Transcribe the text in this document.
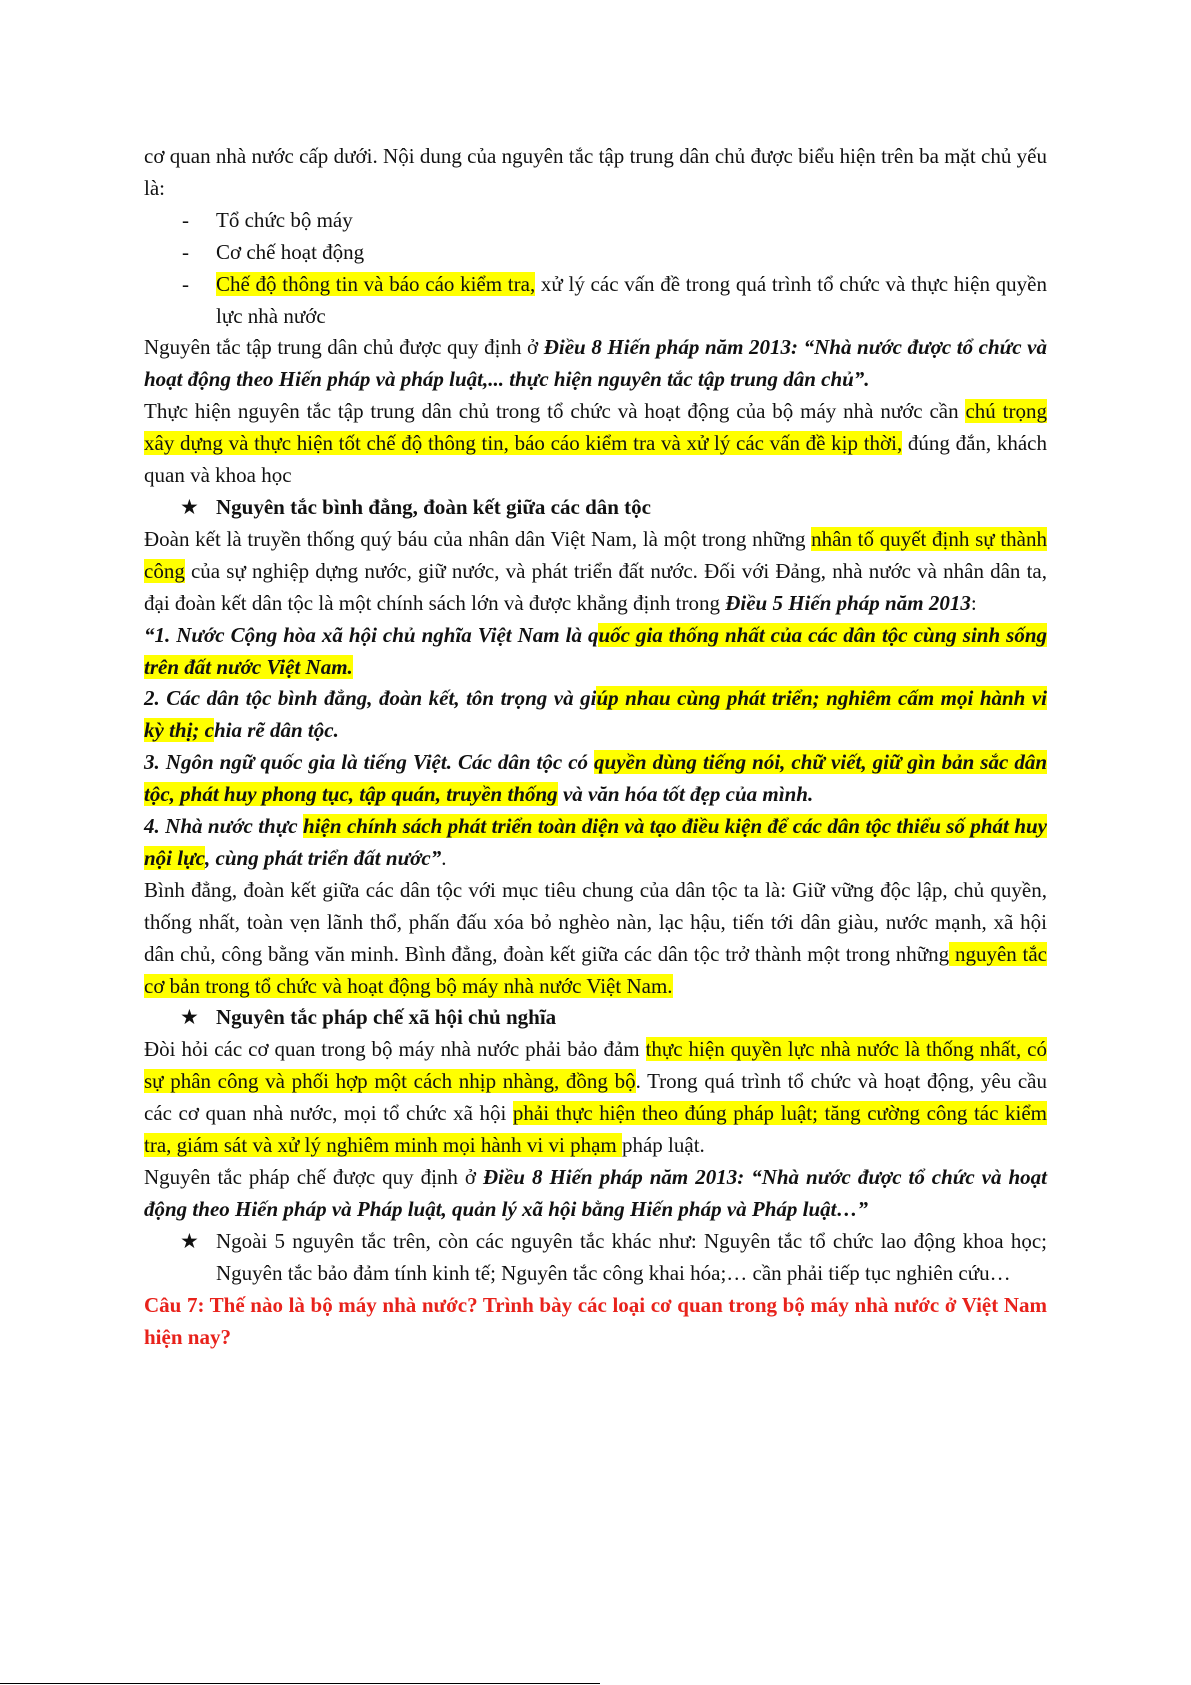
cơ quan nhà nước cấp dưới. Nội dung của nguyên tắc tập trung dân chủ được biểu hiện trên ba mặt chủ yếu là:

- Tổ chức bộ máy

- Cơ chế hoạt động

- Chế độ thông tin và báo cáo kiểm tra, xử lý các vấn đề trong quá trình tổ chức và thực hiện quyền lực nhà nước

Nguyên tắc tập trung dân chủ được quy định ở Điều 8 Hiến pháp năm 2013: “Nhà nước được tổ chức và hoạt động theo Hiến pháp và pháp luật,... thực hiện nguyên tắc tập trung dân chủ”.

Thực hiện nguyên tắc tập trung dân chủ trong tổ chức và hoạt động của bộ máy nhà nước cần chú trọng xây dựng và thực hiện tốt chế độ thông tin, báo cáo kiểm tra và xử lý các vấn đề kịp thời, đúng đắn, khách quan và khoa học

★ Nguyên tắc bình đẳng, đoàn kết giữa các dân tộc

Đoàn kết là truyền thống quý báu của nhân dân Việt Nam, là một trong những nhân tố quyết định sự thành công của sự nghiệp dựng nước, giữ nước, và phát triển đất nước. Đối với Đảng, nhà nước và nhân dân ta, đại đoàn kết dân tộc là một chính sách lớn và được khẳng định trong Điều 5 Hiến pháp năm 2013:

“1. Nước Cộng hòa xã hội chủ nghĩa Việt Nam là quốc gia thống nhất của các dân tộc cùng sinh sống trên đất nước Việt Nam.

2. Các dân tộc bình đẳng, đoàn kết, tôn trọng và giúp nhau cùng phát triển; nghiêm cấm mọi hành vi kỳ thị; chia rẽ dân tộc.

3. Ngôn ngữ quốc gia là tiếng Việt. Các dân tộc có quyền dùng tiếng nói, chữ viết, giữ gìn bản sắc dân tộc, phát huy phong tục, tập quán, truyền thống và văn hóa tốt đẹp của mình.

4. Nhà nước thực hiện chính sách phát triển toàn diện và tạo điều kiện để các dân tộc thiểu số phát huy nội lực, cùng phát triển đất nước”.

Bình đẳng, đoàn kết giữa các dân tộc với mục tiêu chung của dân tộc ta là: Giữ vững độc lập, chủ quyền, thống nhất, toàn vẹn lãnh thổ, phấn đấu xóa bỏ nghèo nàn, lạc hậu, tiến tới dân giàu, nước mạnh, xã hội dân chủ, công bằng văn minh. Bình đẳng, đoàn kết giữa các dân tộc trở thành một trong những nguyên tắc cơ bản trong tổ chức và hoạt động bộ máy nhà nước Việt Nam.

★ Nguyên tắc pháp chế xã hội chủ nghĩa

Đòi hỏi các cơ quan trong bộ máy nhà nước phải bảo đảm thực hiện quyền lực nhà nước là thống nhất, có sự phân công và phối hợp một cách nhịp nhàng, đồng bộ. Trong quá trình tổ chức và hoạt động, yêu cầu các cơ quan nhà nước, mọi tổ chức xã hội phải thực hiện theo đúng pháp luật; tăng cường công tác kiểm tra, giám sát và xử lý nghiêm minh mọi hành vi vi phạm pháp luật.

Nguyên tắc pháp chế được quy định ở Điều 8 Hiến pháp năm 2013: “Nhà nước được tổ chức và hoạt động theo Hiến pháp và Pháp luật, quản lý xã hội bằng Hiến pháp và Pháp luật…”

★ Ngoài 5 nguyên tắc trên, còn các nguyên tắc khác như: Nguyên tắc tổ chức lao động khoa học; Nguyên tắc bảo đảm tính kinh tế; Nguyên tắc công khai hóa;… cần phải tiếp tục nghiên cứu…

Câu 7: Thế nào là bộ máy nhà nước? Trình bày các loại cơ quan trong bộ máy nhà nước ở Việt Nam hiện nay?
